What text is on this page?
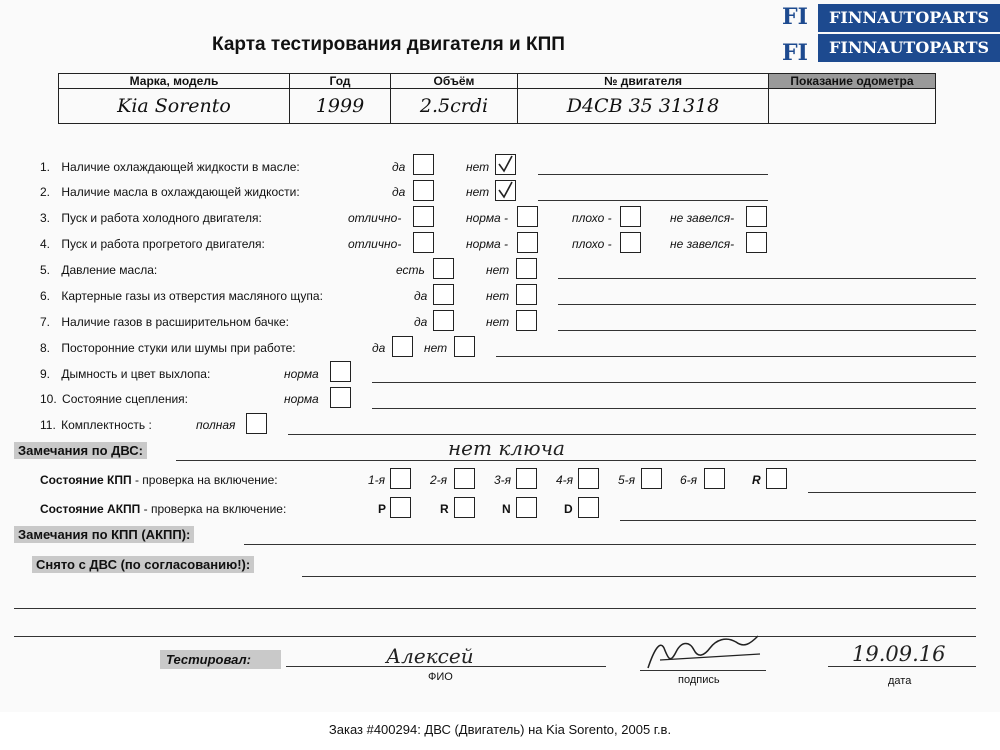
Карта тестирования двигателя и КПП
FI
FI
FINNAUTOPARTS
FINNAUTOPARTS
Марка, модель	Год	Объём	№ двигателя	Показание одометра
Kia Sorento	1999	2.5crdi	D4CB 35 31318	
1. Наличие охлаждающей жидкости в масле:	да	нет
2. Наличие масла в охлаждающей жидкости:	да	нет
3. Пуск и работа холодного двигателя:	отлично-	норма -	плохо -	не завелся-
4. Пуск и работа прогретого двигателя:	отлично-	норма -	плохо -	не завелся-
5. Давление масла:	есть	нет
6. Картерные газы из отверстия масляного щупа:	да	нет
7. Наличие газов в расширительном бачке:	да	нет
8. Посторонние стуки или шумы при работе:	да	нет
9. Дымность и цвет выхлопа:	норма
10. Состояние сцепления:	норма
11. Комплектность :	полная
Замечания по ДВС:	нет ключа
Состояние КПП - проверка на включение:	1-я	2-я	3-я	4-я	5-я	6-я	R
Состояние АКПП - проверка на включение:	P	R	N	D
Замечания по КПП (АКПП):
Снято с ДВС (по согласованию!):
Тестировал:	Алексей
ФИО	подпись
19.09.16
дата
Заказ #400294: ДВС (Двигатель) на Kia Sorento, 2005 г.в.
